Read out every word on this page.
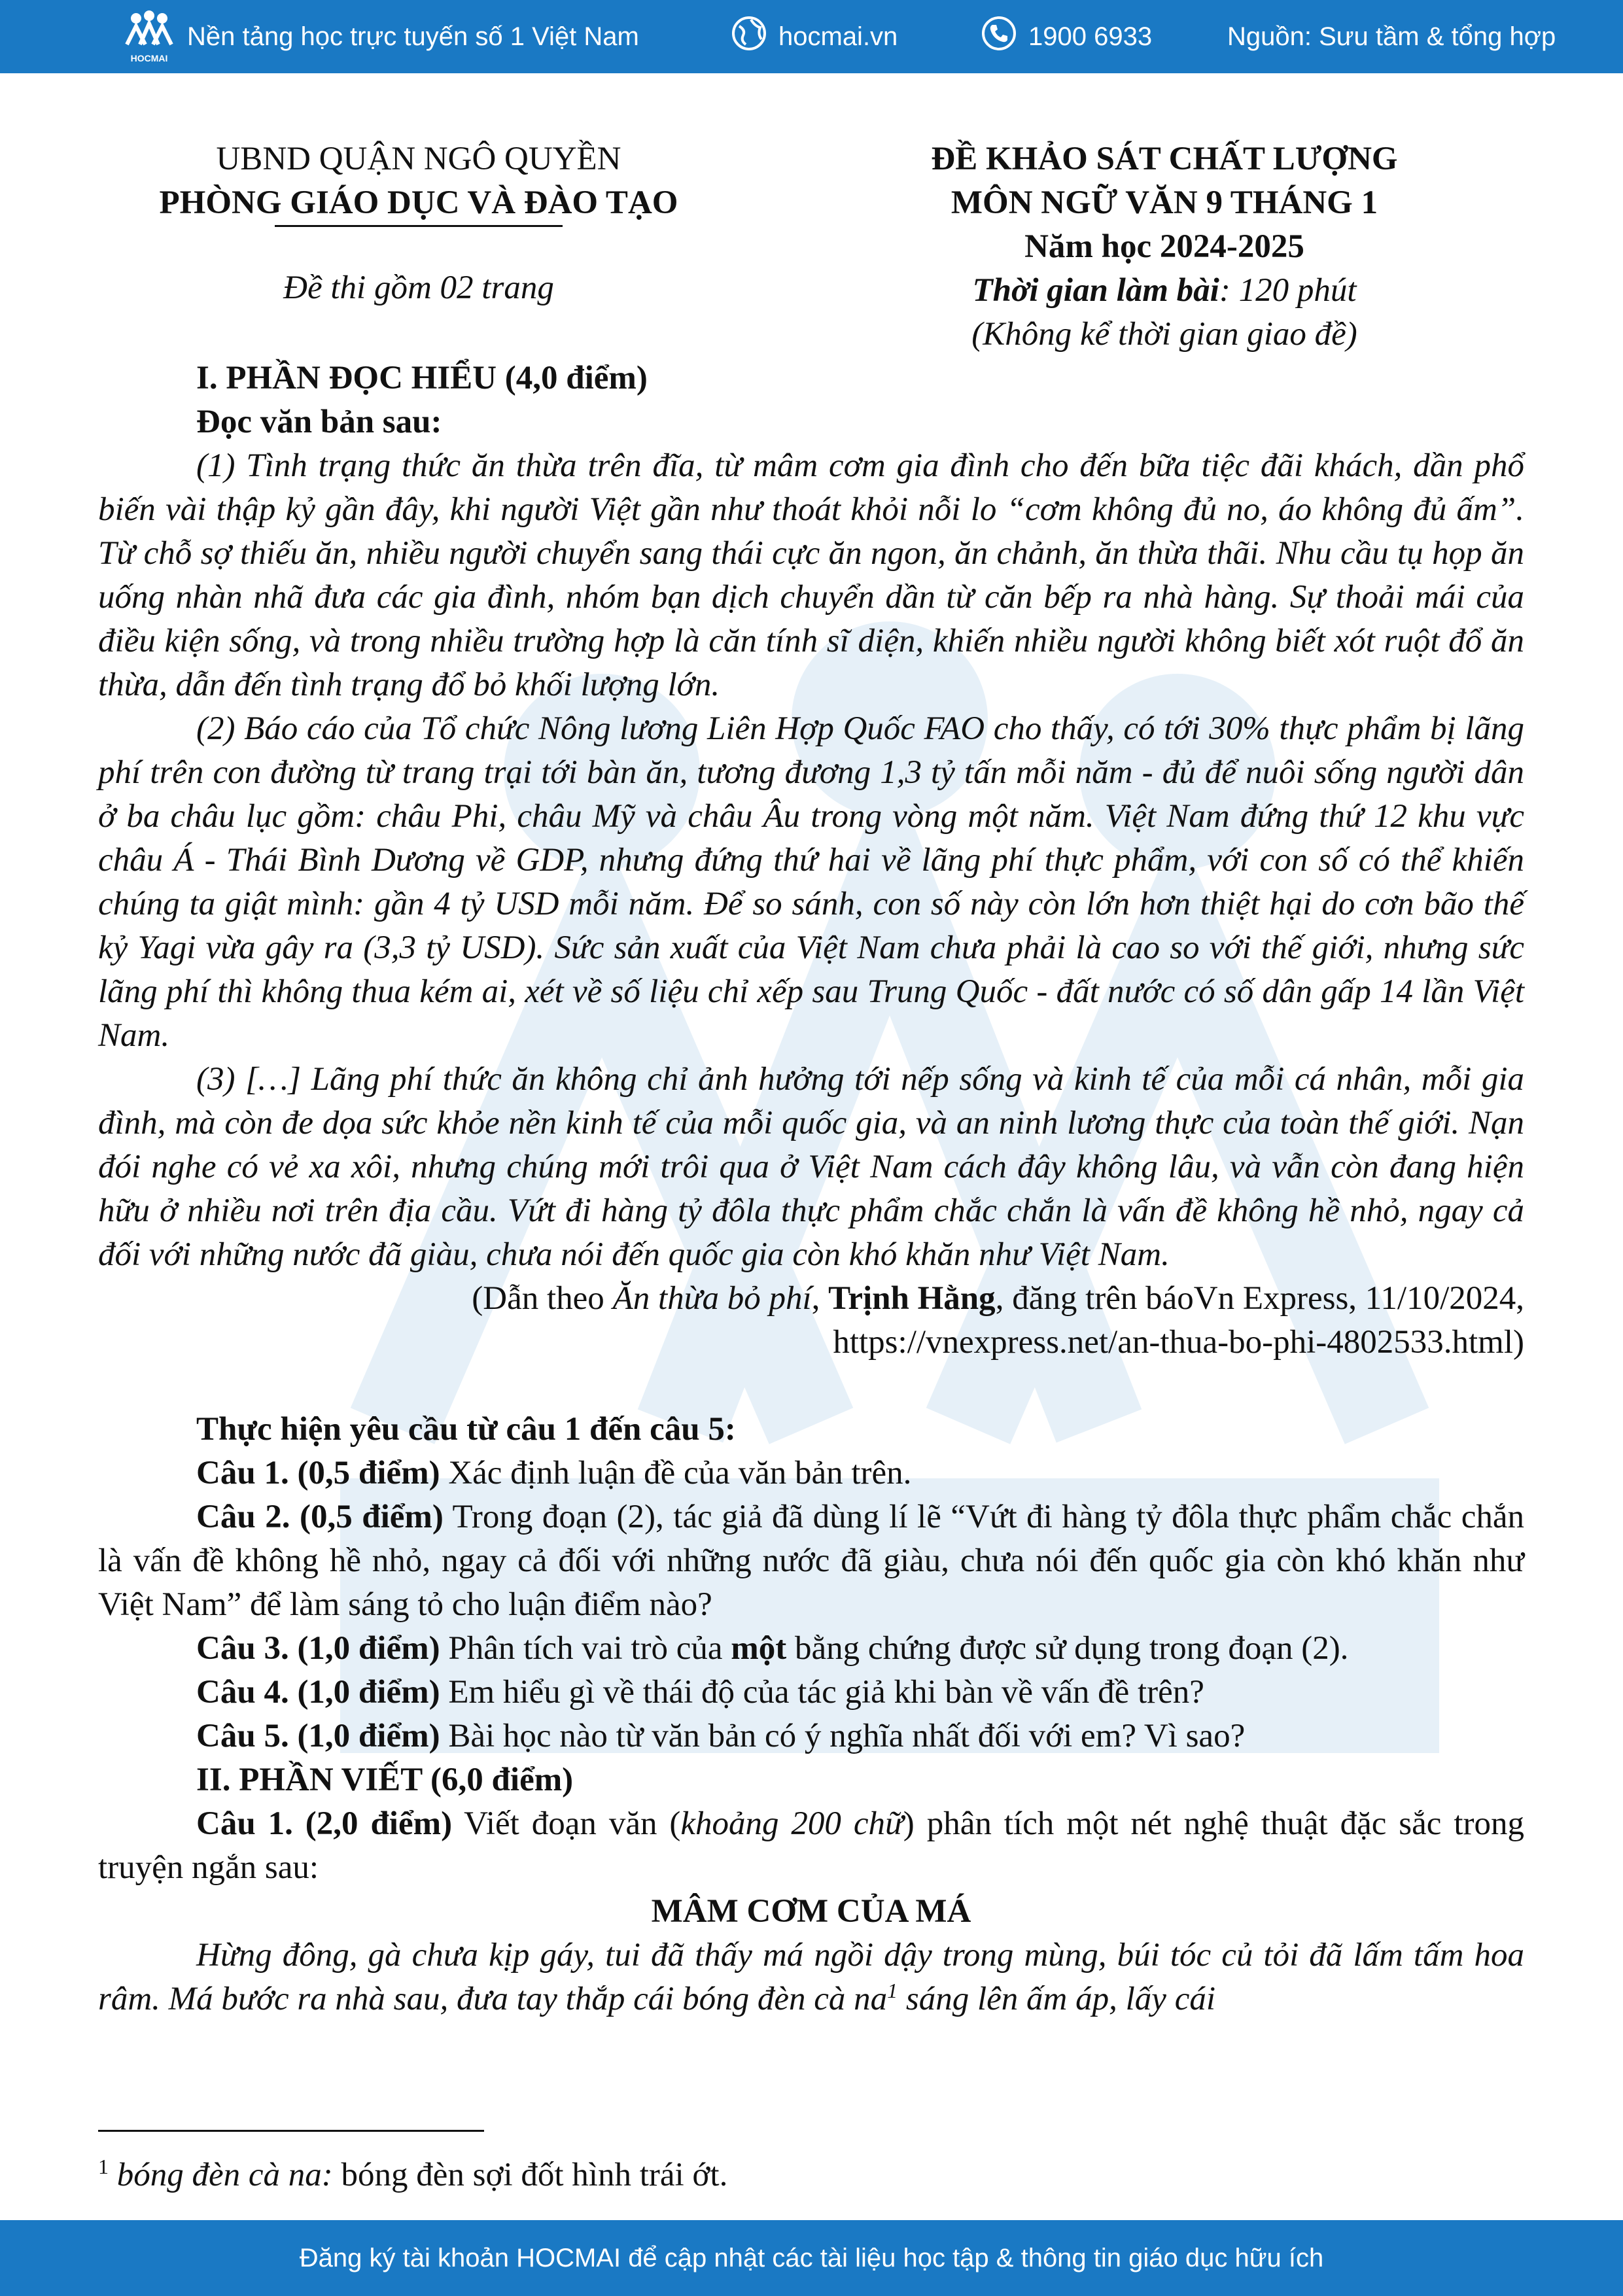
HOCMAI
Nền tảng học trực tuyến số 1 Việt Nam	hocmai.vn	1900 6933	Nguồn: Sưu tầm & tổng hợp
UBND QUẬN NGÔ QUYỀN
PHÒNG GIÁO DỤC VÀ ĐÀO TẠO
Đề thi gồm 02 trang
ĐỀ KHẢO SÁT CHẤT LƯỢNG
MÔN NGỮ VĂN 9 THÁNG 1
Năm học 2024-2025
Thời gian làm bài: 120 phút
(Không kể thời gian giao đề)
I. PHẦN ĐỌC HIỂU (4,0 điểm)
Đọc văn bản sau:
(1) Tình trạng thức ăn thừa trên đĩa, từ mâm cơm gia đình cho đến bữa tiệc đãi khách, dần phổ biến vài thập kỷ gần đây, khi người Việt gần như thoát khỏi nỗi lo “cơm không đủ no, áo không đủ ấm”. Từ chỗ sợ thiếu ăn, nhiều người chuyển sang thái cực ăn ngon, ăn chảnh, ăn thừa thãi. Nhu cầu tụ họp ăn uống nhàn nhã đưa các gia đình, nhóm bạn dịch chuyển dần từ căn bếp ra nhà hàng. Sự thoải mái của điều kiện sống, và trong nhiều trường hợp là căn tính sĩ diện, khiến nhiều người không biết xót ruột đổ ăn thừa, dẫn đến tình trạng đổ bỏ khối lượng lớn.
(2) Báo cáo của Tổ chức Nông lương Liên Hợp Quốc FAO cho thấy, có tới 30% thực phẩm bị lãng phí trên con đường từ trang trại tới bàn ăn, tương đương 1,3 tỷ tấn mỗi năm - đủ để nuôi sống người dân ở ba châu lục gồm: châu Phi, châu Mỹ và châu Âu trong vòng một năm. Việt Nam đứng thứ 12 khu vực châu Á - Thái Bình Dương về GDP, nhưng đứng thứ hai về lãng phí thực phẩm, với con số có thể khiến chúng ta giật mình: gần 4 tỷ USD mỗi năm. Để so sánh, con số này còn lớn hơn thiệt hại do cơn bão thế kỷ Yagi vừa gây ra (3,3 tỷ USD). Sức sản xuất của Việt Nam chưa phải là cao so với thế giới, nhưng sức lãng phí thì không thua kém ai, xét về số liệu chỉ xếp sau Trung Quốc - đất nước có số dân gấp 14 lần Việt Nam.
(3) […] Lãng phí thức ăn không chỉ ảnh hưởng tới nếp sống và kinh tế của mỗi cá nhân, mỗi gia đình, mà còn đe dọa sức khỏe nền kinh tế của mỗi quốc gia, và an ninh lương thực của toàn thế giới. Nạn đói nghe có vẻ xa xôi, nhưng chúng mới trôi qua ở Việt Nam cách đây không lâu, và vẫn còn đang hiện hữu ở nhiều nơi trên địa cầu. Vứt đi hàng tỷ đôla thực phẩm chắc chắn là vấn đề không hề nhỏ, ngay cả đối với những nước đã giàu, chưa nói đến quốc gia còn khó khăn như Việt Nam.
(Dẫn theo Ăn thừa bỏ phí, Trịnh Hằng, đăng trên báoVn Express, 11/10/2024,
https://vnexpress.net/an-thua-bo-phi-4802533.html)
Thực hiện yêu cầu từ câu 1 đến câu 5:
Câu 1. (0,5 điểm) Xác định luận đề của văn bản trên.
Câu 2. (0,5 điểm) Trong đoạn (2), tác giả đã dùng lí lẽ “Vứt đi hàng tỷ đôla thực phẩm chắc chắn là vấn đề không hề nhỏ, ngay cả đối với những nước đã giàu, chưa nói đến quốc gia còn khó khăn như Việt Nam” để làm sáng tỏ cho luận điểm nào?
Câu 3. (1,0 điểm) Phân tích vai trò của một bằng chứng được sử dụng trong đoạn (2).
Câu 4. (1,0 điểm) Em hiểu gì về thái độ của tác giả khi bàn về vấn đề trên?
Câu 5. (1,0 điểm) Bài học nào từ văn bản có ý nghĩa nhất đối với em? Vì sao?
II. PHẦN VIẾT (6,0 điểm)
Câu 1. (2,0 điểm) Viết đoạn văn (khoảng 200 chữ) phân tích một nét nghệ thuật đặc sắc trong truyện ngắn sau:
MÂM CƠM CỦA MÁ
Hừng đông, gà chưa kịp gáy, tui đã thấy má ngồi dậy trong mùng, búi tóc củ tỏi đã lấm tấm hoa râm. Má bước ra nhà sau, đưa tay thắp cái bóng đèn cà $na^1$ sáng lên ấm áp, lấy cái
$^1$ bóng đèn cà na: bóng đèn sợi đốt hình trái ớt.
Đăng ký tài khoản HOCMAI để cập nhật các tài liệu học tập & thông tin giáo dục hữu ích
